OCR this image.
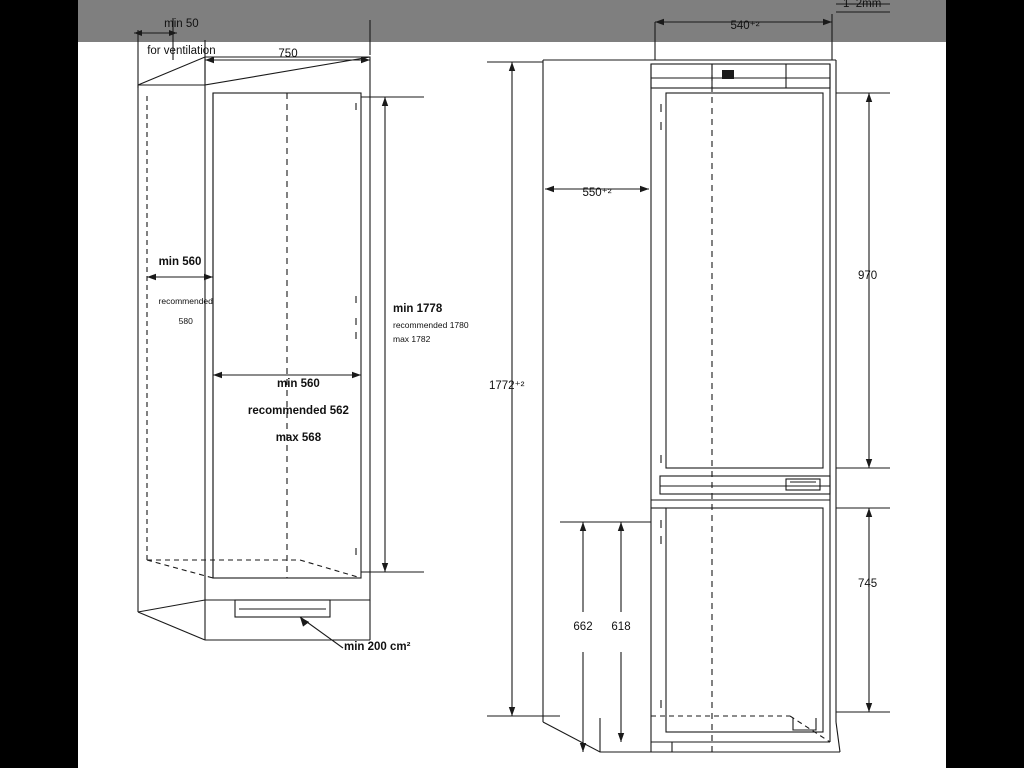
min 50

for ventilation
	750
min 560

recommended

580

min 560

recommended 562

max 568

min 1778
recommended 1780
max 1782
min 200 cm²
1–2mm
540⁺²
550⁺²
1772⁺²
970
745
662	618
